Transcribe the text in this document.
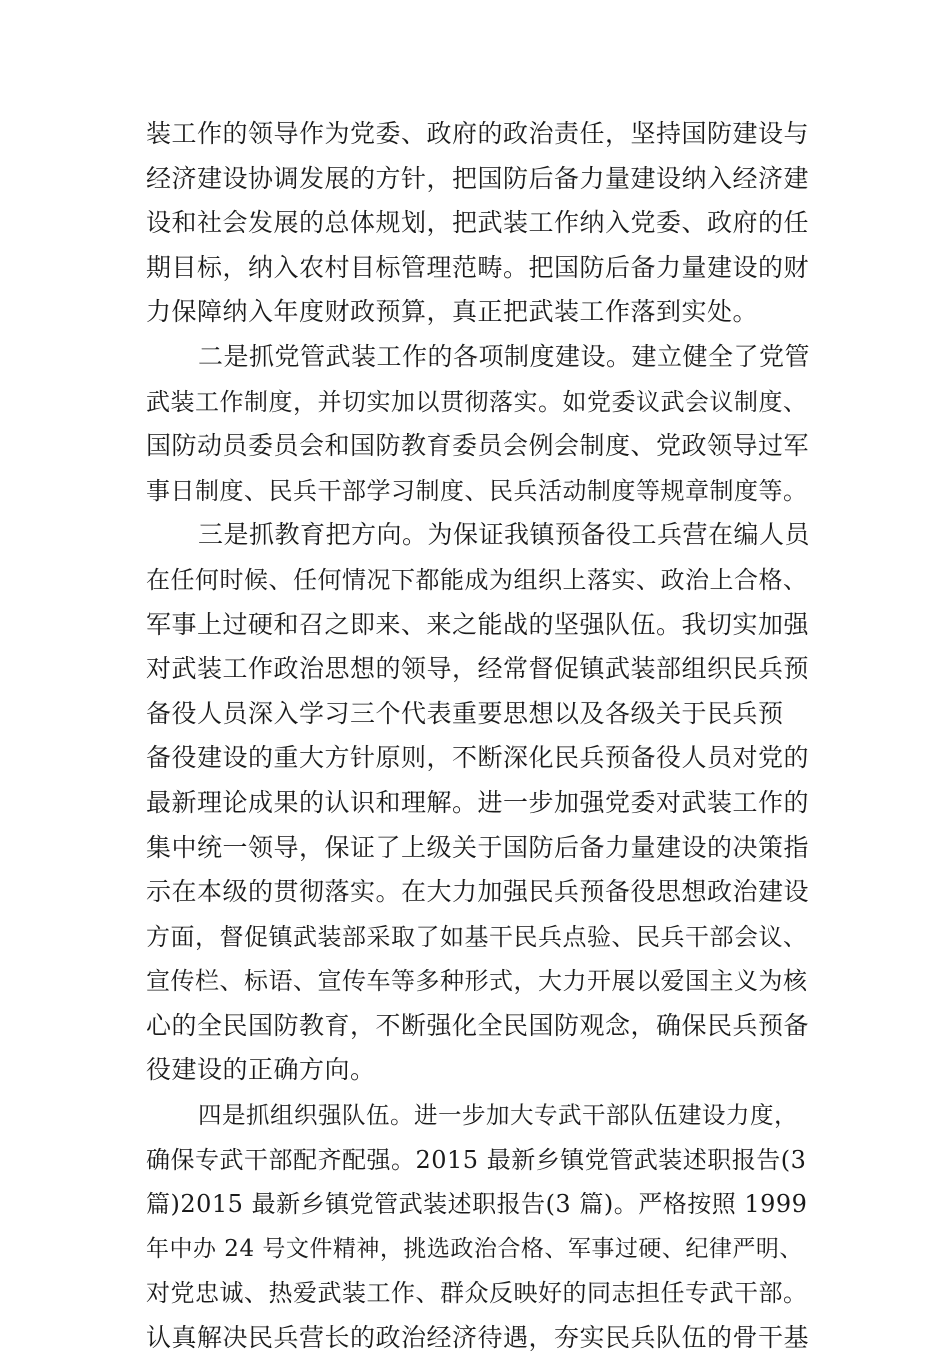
装工作的领导作为党委、政府的政治责任，坚持国防建设与
经济建设协调发展的方针，把国防后备力量建设纳入经济建
设和社会发展的总体规划，把武装工作纳入党委、政府的任
期目标，纳入农村目标管理范畴。把国防后备力量建设的财
力保障纳入年度财政预算，真正把武装工作落到实处。
二是抓党管武装工作的各项制度建设。建立健全了党管
武装工作制度，并切实加以贯彻落实。如党委议武会议制度、
国防动员委员会和国防教育委员会例会制度、党政领导过军
事日制度、民兵干部学习制度、民兵活动制度等规章制度等。
三是抓教育把方向。为保证我镇预备役工兵营在编人员
在任何时候、任何情况下都能成为组织上落实、政治上合格、
军事上过硬和召之即来、来之能战的坚强队伍。我切实加强
对武装工作政治思想的领导，经常督促镇武装部组织民兵预
备役人员深入学习三个代表重要思想以及各级关于民兵预
备役建设的重大方针原则，不断深化民兵预备役人员对党的
最新理论成果的认识和理解。进一步加强党委对武装工作的
集中统一领导，保证了上级关于国防后备力量建设的决策指
示在本级的贯彻落实。在大力加强民兵预备役思想政治建设
方面，督促镇武装部采取了如基干民兵点验、民兵干部会议、
宣传栏、标语、宣传车等多种形式，大力开展以爱国主义为核
心的全民国防教育，不断强化全民国防观念，确保民兵预备
役建设的正确方向。
四是抓组织强队伍。进一步加大专武干部队伍建设力度，
确保专武干部配齐配强。2015 最新乡镇党管武装述职报告(3
篇)2015 最新乡镇党管武装述职报告(3 篇)。严格按照 1999
年中办 24 号文件精神，挑选政治合格、军事过硬、纪律严明、
对党忠诚、热爱武装工作、群众反映好的同志担任专武干部。
认真解决民兵营长的政治经济待遇，夯实民兵队伍的骨干基
